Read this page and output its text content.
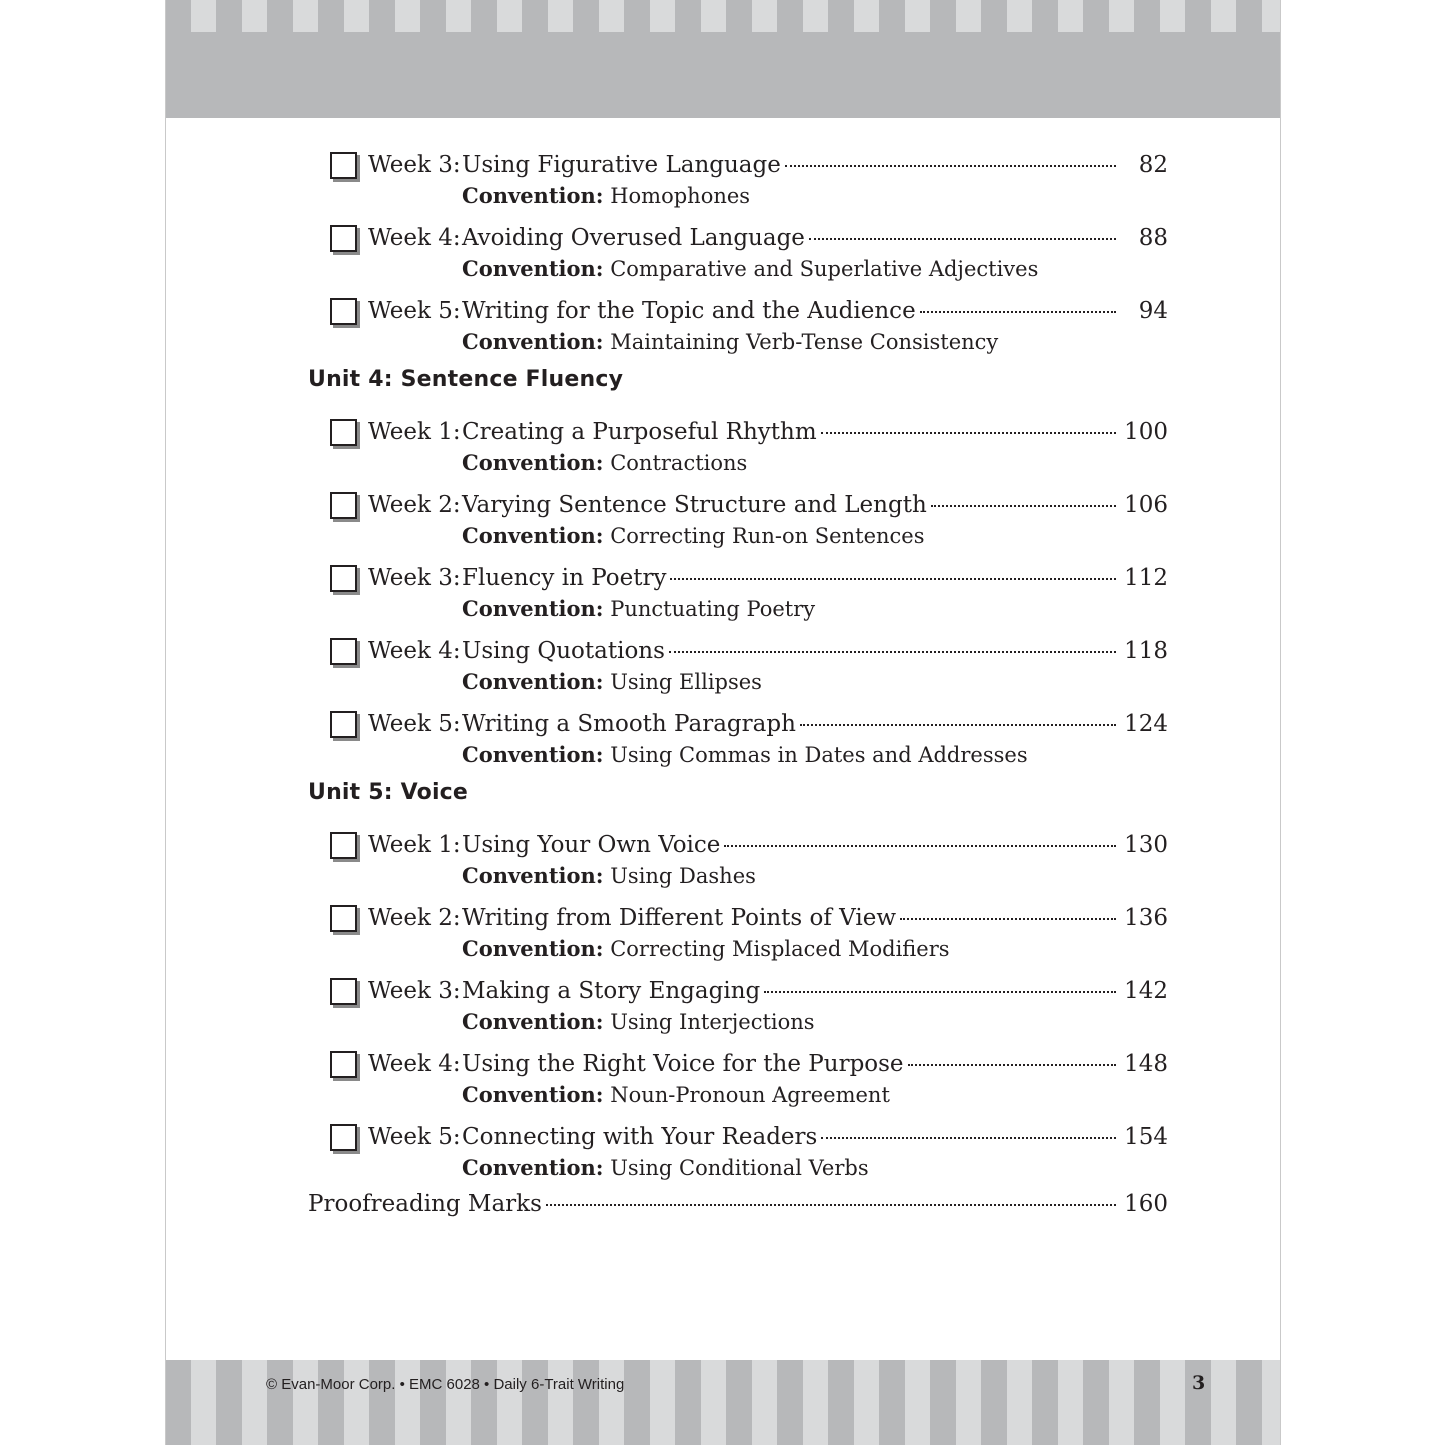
Week 3: Using Figurative Language	82
Convention: Homophones
Week 4: Avoiding Overused Language	88
Convention: Comparative and Superlative Adjectives
Week 5: Writing for the Topic and the Audience	94
Convention: Maintaining Verb-Tense Consistency
Unit 4: Sentence Fluency
Week 1: Creating a Purposeful Rhythm	100
Convention: Contractions
Week 2: Varying Sentence Structure and Length	106
Convention: Correcting Run-on Sentences
Week 3: Fluency in Poetry	112
Convention: Punctuating Poetry
Week 4: Using Quotations	118
Convention: Using Ellipses
Week 5: Writing a Smooth Paragraph	124
Convention: Using Commas in Dates and Addresses
Unit 5: Voice
Week 1: Using Your Own Voice	130
Convention: Using Dashes
Week 2: Writing from Different Points of View	136
Convention: Correcting Misplaced Modifiers
Week 3: Making a Story Engaging	142
Convention: Using Interjections
Week 4: Using the Right Voice for the Purpose	148
Convention: Noun-Pronoun Agreement
Week 5: Connecting with Your Readers	154
Convention: Using Conditional Verbs
Proofreading Marks	160
© Evan-Moor Corp. • EMC 6028 • Daily 6-Trait Writing	3
